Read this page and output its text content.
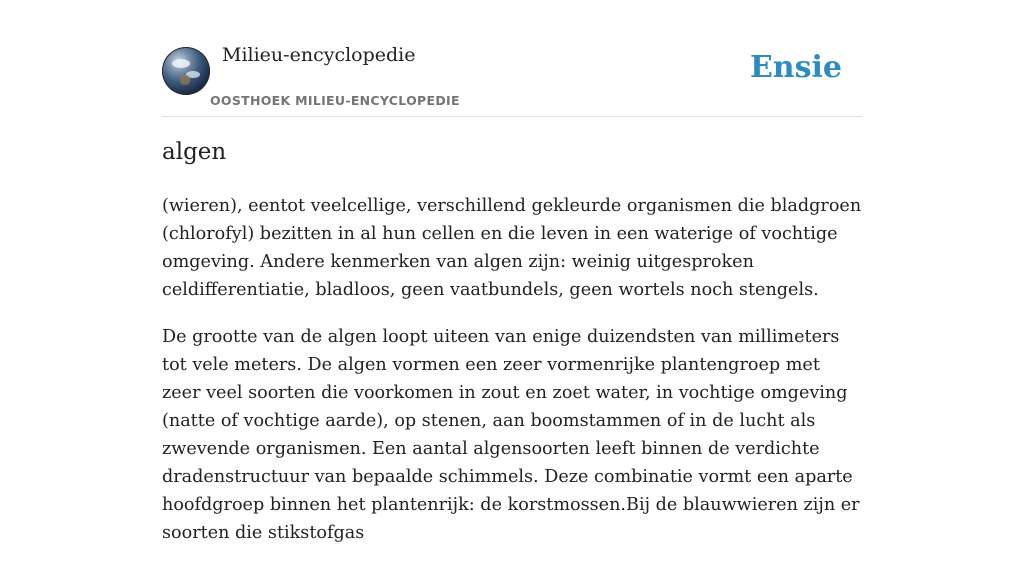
Milieu-encyclopedie
OOSTHOEK MILIEU-ENCYCLOPEDIE
Ensie
algen

(wieren), eentot veelcellige, verschillend gekleurde organismen die bladgroen (chlorofyl) bezitten in al hun cellen en die leven in een waterige of vochtige omgeving. Andere kenmerken van algen zijn: weinig uitgesproken celdifferentiatie, bladloos, geen vaatbundels, geen wortels noch stengels.

De grootte van de algen loopt uiteen van enige duizendsten van millimeters tot vele meters. De algen vormen een zeer vormenrijke plantengroep met zeer veel soorten die voorkomen in zout en zoet water, in vochtige omgeving (natte of vochtige aarde), op stenen, aan boomstammen of in de lucht als zwevende organismen. Een aantal algensoorten leeft binnen de verdichte dradenstructuur van bepaalde schimmels. Deze combinatie vormt een aparte hoofdgroep binnen het plantenrijk: de korstmossen.Bij de blauwwieren zijn er soorten die stikstofgas
